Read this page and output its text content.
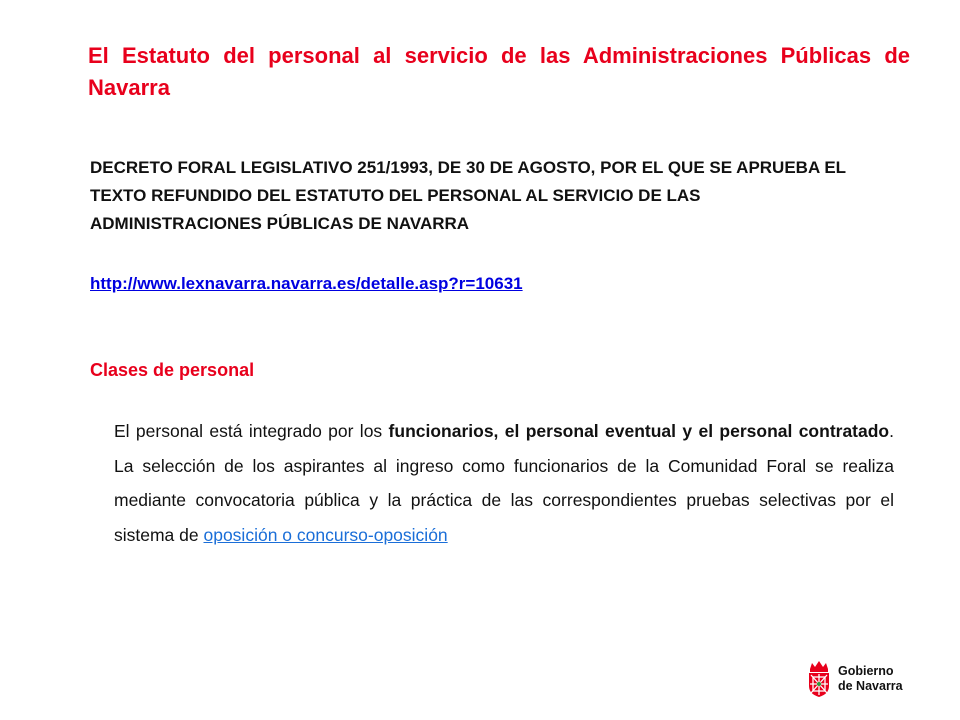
El Estatuto del personal al servicio de las Administraciones Públicas de Navarra
DECRETO FORAL LEGISLATIVO 251/1993, DE 30 DE AGOSTO, POR EL QUE SE APRUEBA EL TEXTO REFUNDIDO DEL ESTATUTO DEL PERSONAL AL SERVICIO DE LAS ADMINISTRACIONES PÚBLICAS DE NAVARRA
http://www.lexnavarra.navarra.es/detalle.asp?r=10631
Clases de personal
El personal está integrado por los funcionarios, el personal eventual y el personal contratado. La selección de los aspirantes al ingreso como funcionarios de la Comunidad Foral se realiza mediante convocatoria pública y la práctica de las correspondientes pruebas selectivas por el sistema de oposición o concurso-oposición
Gobierno
de Navarra
